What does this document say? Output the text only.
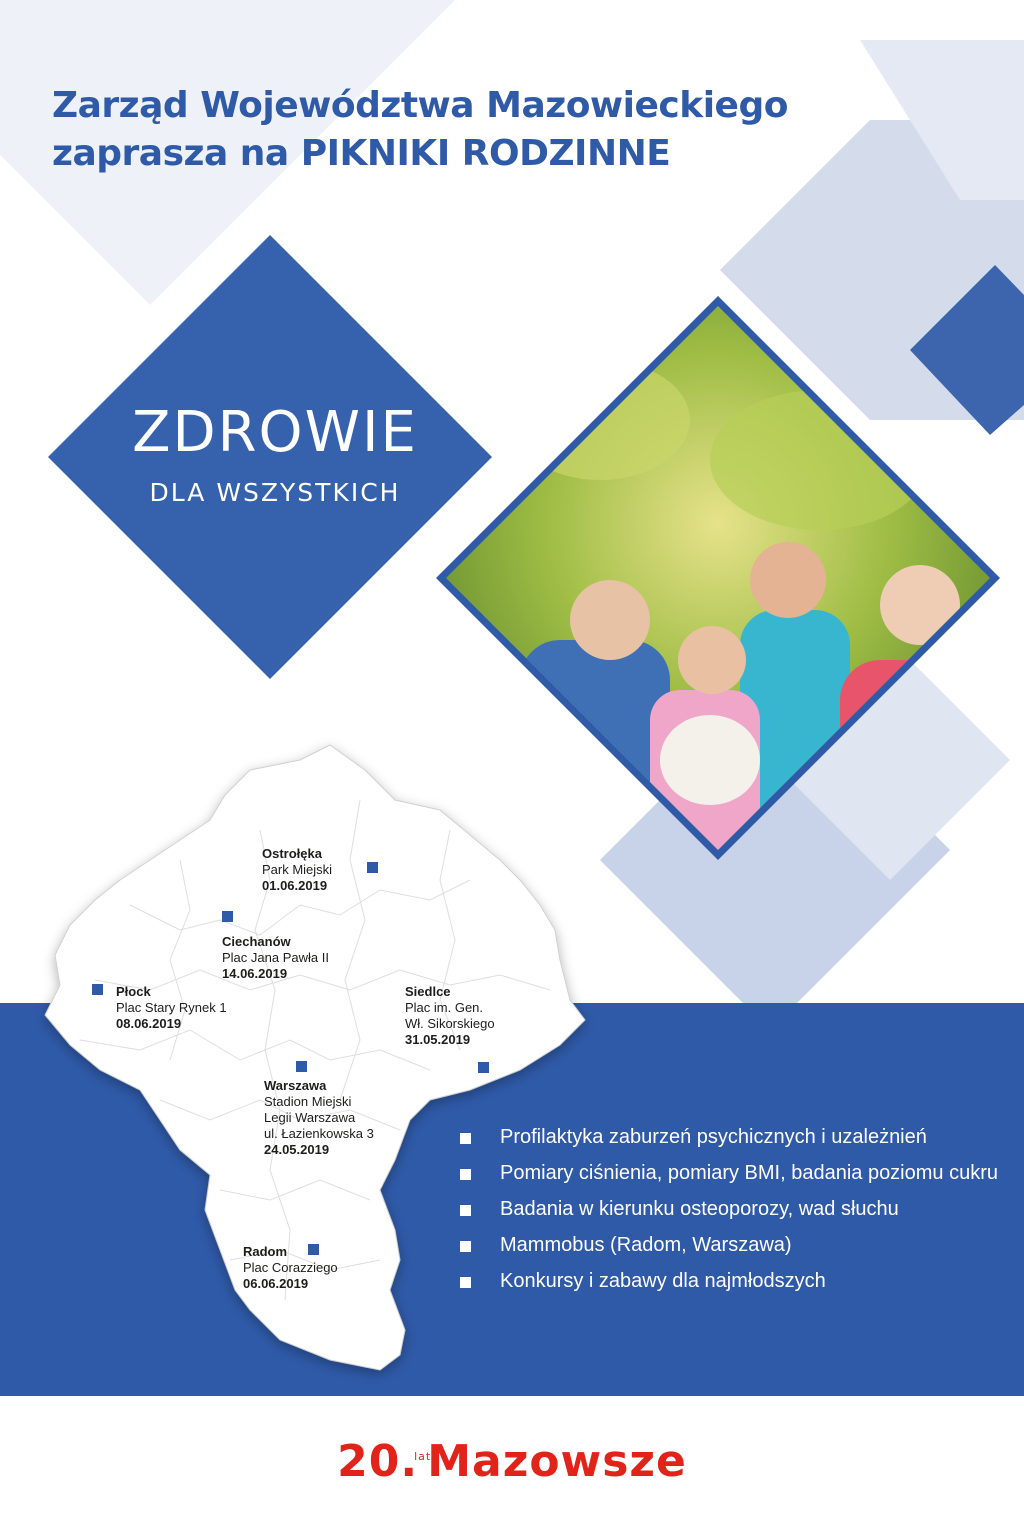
Zarząd Województwa Mazowieckiego
zaprasza na PIKNIKI RODZINNE
ZDROWIE
DLA WSZYSTKICH
Ostrołęka
Park Miejski
01.06.2019
Ciechanów
Plac Jana Pawła II
14.06.2019
Płock
Plac Stary Rynek 1
08.06.2019
Siedlce
Plac im. Gen.
Wł. Sikorskiego
31.05.2019
Warszawa
Stadion Miejski
Legii Warszawa
ul. Łazienkowska 3
24.05.2019
Radom
Plac Corazziego
06.06.2019
Profilaktyka zaburzeń psychicznych i uzależnień
Pomiary ciśnienia, pomiary BMI, badania poziomu cukru
Badania w kierunku osteoporozy, wad słuchu
Mammobus (Radom, Warszawa)
Konkursy i zabawy dla najmłodszych
20.latMazowsze
